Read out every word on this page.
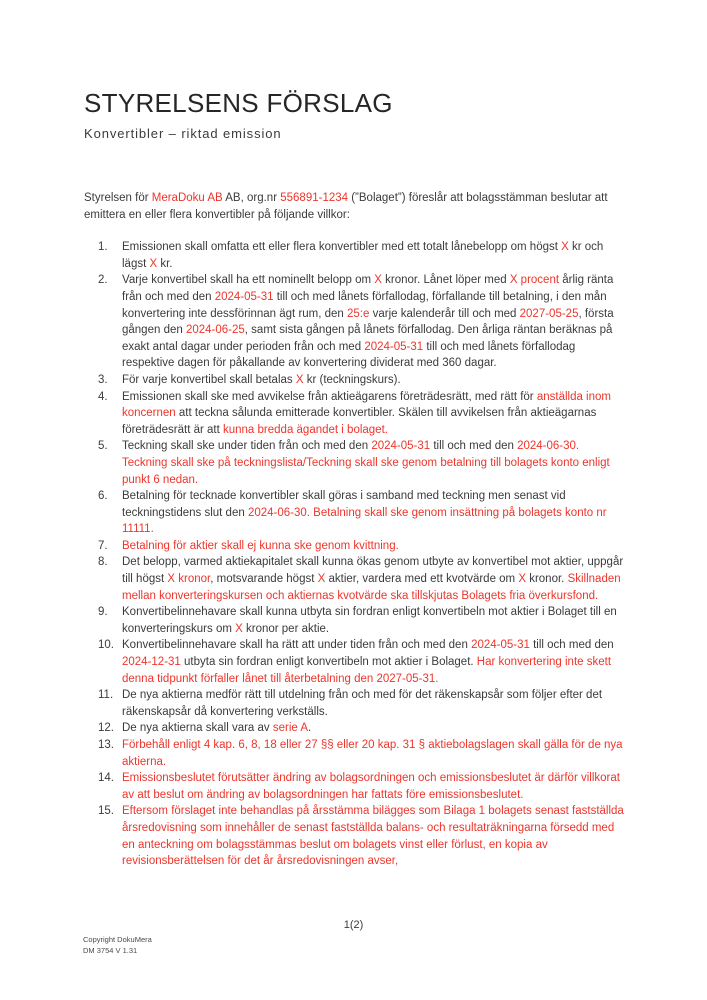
STYRELSENS FÖRSLAG
Konvertibler – riktad emission

Styrelsen för MeraDoku AB AB, org.nr 556891-1234 (”Bolaget”) föreslår att bolagsstämman beslutar att emittera en eller flera konvertibler på följande villkor:

1. Emissionen skall omfatta ett eller flera konvertibler med ett totalt lånebelopp om högst X kr och lägst X kr.
2. Varje konvertibel skall ha ett nominellt belopp om X kronor. Lånet löper med X procent årlig ränta från och med den 2024-05-31 till och med lånets förfallodag, förfallande till betalning, i den mån konvertering inte dessförinnan ägt rum, den 25:e varje kalenderår till och med 2027-05-25, första gången den 2024-06-25, samt sista gången på lånets förfallodag. Den årliga räntan beräknas på exakt antal dagar under perioden från och med 2024-05-31 till och med lånets förfallodag respektive dagen för påkallande av konvertering dividerat med 360 dagar.
3. För varje konvertibel skall betalas X kr (teckningskurs).
4. Emissionen skall ske med avvikelse från aktieägarens företrädesrätt, med rätt för anställda inom koncernen att teckna sålunda emitterade konvertibler. Skälen till avvikelsen från aktieägarnas företrädesrätt är att kunna bredda ägandet i bolaget.
5. Teckning skall ske under tiden från och med den 2024-05-31 till och med den 2024-06-30. Teckning skall ske på teckningslista/Teckning skall ske genom betalning till bolagets konto enligt punkt 6 nedan.
6. Betalning för tecknade konvertibler skall göras i samband med teckning men senast vid teckningstidens slut den 2024-06-30. Betalning skall ske genom insättning på bolagets konto nr 11111.
7. Betalning för aktier skall ej kunna ske genom kvittning.
8. Det belopp, varmed aktiekapitalet skall kunna ökas genom utbyte av konvertibel mot aktier, uppgår till högst X kronor, motsvarande högst X aktier, vardera med ett kvotvärde om X kronor. Skillnaden mellan konverteringskursen och aktiernas kvotvärde ska tillskjutas Bolagets fria överkursfond.
9. Konvertibelinnehavare skall kunna utbyta sin fordran enligt konvertibeln mot aktier i Bolaget till en konverteringskurs om X kronor per aktie.
10. Konvertibelinnehavare skall ha rätt att under tiden från och med den 2024-05-31 till och med den 2024-12-31 utbyta sin fordran enligt konvertibeln mot aktier i Bolaget. Har konvertering inte skett denna tidpunkt förfaller lånet till återbetalning den 2027-05-31.
11. De nya aktierna medför rätt till utdelning från och med för det räkenskapsår som följer efter det räkenskapsår då konvertering verkställs.
12. De nya aktierna skall vara av serie A.
13. Förbehåll enligt 4 kap. 6, 8, 18 eller 27 §§ eller 20 kap. 31 § aktiebolagslagen skall gälla för de nya aktierna.
14. Emissionsbeslutet förutsätter ändring av bolagsordningen och emissionsbeslutet är därför villkorat av att beslut om ändring av bolagsordningen har fattats före emissionsbeslutet.
15. Eftersom förslaget inte behandlas på årsstämma bilägges som Bilaga 1 bolagets senast fastställda årsredovisning som innehåller de senast fastställda balans- och resultaträkningarna försedd med en anteckning om bolagsstämmas beslut om bolagets vinst eller förlust, en kopia av revisionsberättelsen för det år årsredovisningen avser,
1(2)
Copyright DokuMera
DM 3754 V 1.31
